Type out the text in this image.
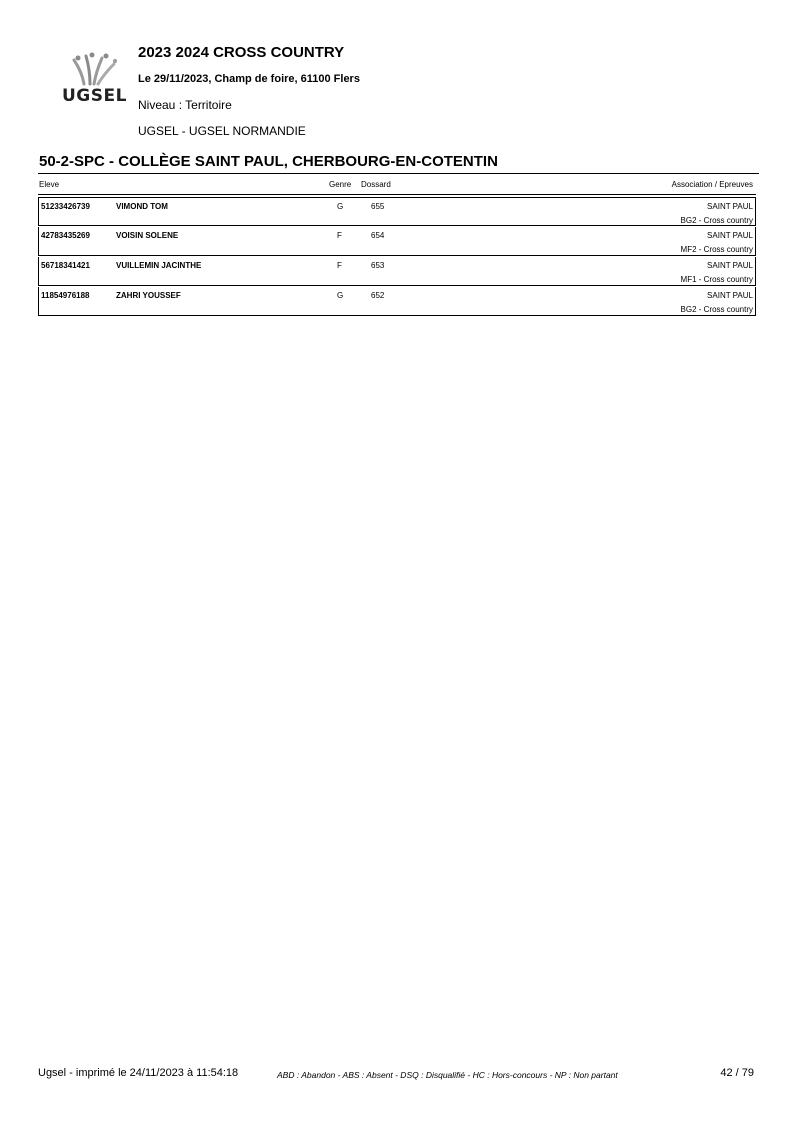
UGSEL
2023 2024 CROSS COUNTRY
Le 29/11/2023, Champ de foire, 61100 Flers
Niveau : Territoire
UGSEL - UGSEL NORMANDIE
50-2-SPC - COLLÈGE SAINT PAUL, CHERBOURG-EN-COTENTIN
Eleve	Genre Dossard	Association / Epreuves
51233426739	VIMOND TOM	G	655	SAINT PAUL
BG2 - Cross country
42783435269	VOISIN SOLENE	F	654	SAINT PAUL
MF2 - Cross country
56718341421	VUILLEMIN JACINTHE	F	653	SAINT PAUL
MF1 - Cross country
11854976188	ZAHRI YOUSSEF	G	652	SAINT PAUL
BG2 - Cross country
Ugsel - imprimé le 24/11/2023 à 11:54:18	ABD : Abandon - ABS : Absent - DSQ : Disqualifié - HC : Hors-concours - NP : Non partant	42 / 79
